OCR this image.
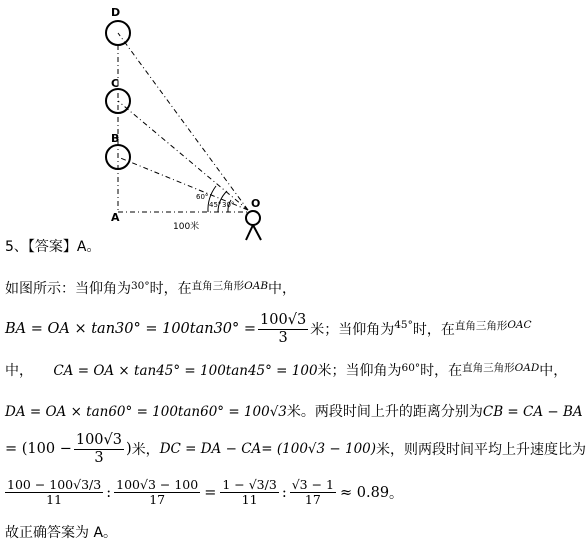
D
C
B
A
O
60°
45° 30°
100米
5、【答案】A。
如图所示：当仰角为$^{30^\circ}$时，在$^{直角三角形OAB}$中，
BA = OA × $\tan 30^\circ = 100\tan 30^\circ = \frac{100√3}{3}$ 米；当仰角为 45° 时，在 直角三角形 OAC
中， CA = OA × tan45° = 100tan45° = 100米；当仰角为$^{60^\circ}$时，在$^{直角三角形OAD}$中，
DA = OA × tan60° = 100tan60° = 100√3米。两段时间上升的距离分别为CB = CA − BA
= ($100 - \frac{100√3}{3}$ ) 米， DC = DA − CA= (100√3 − 100) 米，则两段时间平均上升速度比为
$\frac{100 - 100√3/3}{11}$ : $\frac{100√3 - 100}{17} = \frac{1 - √3/3}{11}$ : $\frac{√3 - 1}{17} \approx 0.89$ 。
故正确答案为 A。
